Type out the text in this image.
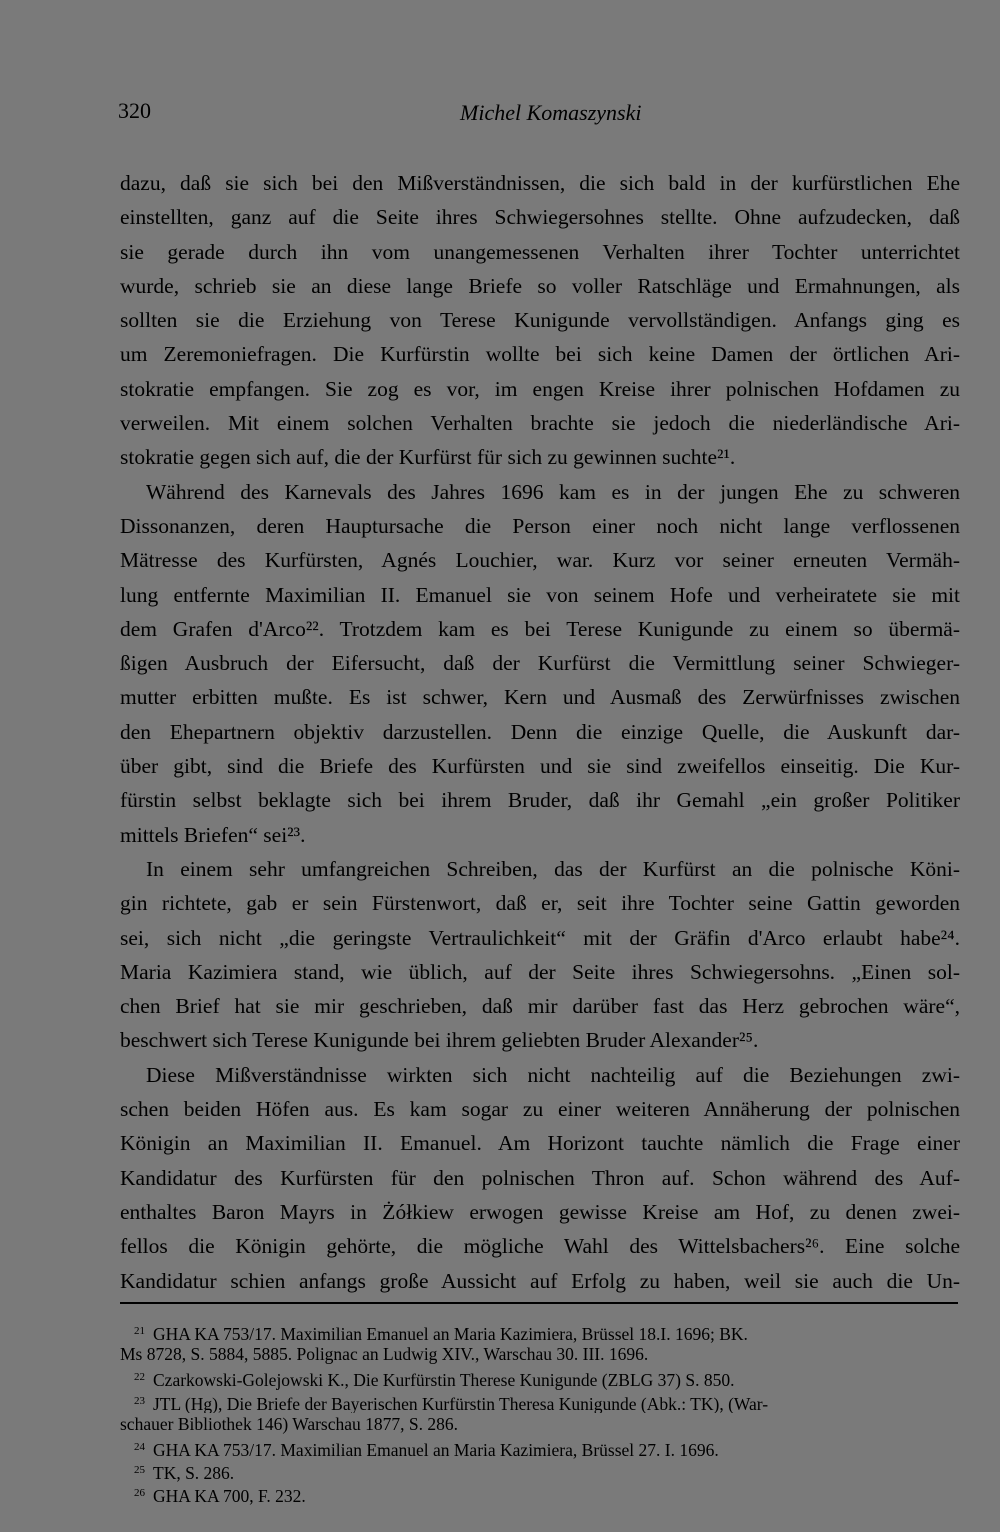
320	Michel Komaszynski
dazu, daß sie sich bei den Mißverständnissen, die sich bald in der kurfürstlichen Ehe
einstellten, ganz auf die Seite ihres Schwiegersohnes stellte. Ohne aufzudecken, daß
sie gerade durch ihn vom unangemessenen Verhalten ihrer Tochter unterrichtet
wurde, schrieb sie an diese lange Briefe so voller Ratschläge und Ermahnungen, als
sollten sie die Erziehung von Terese Kunigunde vervollständigen. Anfangs ging es
um Zeremoniefragen. Die Kurfürstin wollte bei sich keine Damen der örtlichen Ari-
stokratie empfangen. Sie zog es vor, im engen Kreise ihrer polnischen Hofdamen zu
verweilen. Mit einem solchen Verhalten brachte sie jedoch die niederländische Ari-
stokratie gegen sich auf, die der Kurfürst für sich zu gewinnen suchte²¹.
Während des Karnevals des Jahres 1696 kam es in der jungen Ehe zu schweren
Dissonanzen, deren Hauptursache die Person einer noch nicht lange verflossenen
Mätresse des Kurfürsten, Agnés Louchier, war. Kurz vor seiner erneuten Vermäh-
lung entfernte Maximilian II. Emanuel sie von seinem Hofe und verheiratete sie mit
dem Grafen d'Arco²². Trotzdem kam es bei Terese Kunigunde zu einem so übermä-
ßigen Ausbruch der Eifersucht, daß der Kurfürst die Vermittlung seiner Schwieger-
mutter erbitten mußte. Es ist schwer, Kern und Ausmaß des Zerwürfnisses zwischen
den Ehepartnern objektiv darzustellen. Denn die einzige Quelle, die Auskunft dar-
über gibt, sind die Briefe des Kurfürsten und sie sind zweifellos einseitig. Die Kur-
fürstin selbst beklagte sich bei ihrem Bruder, daß ihr Gemahl „ein großer Politiker
mittels Briefen“ sei²³.
In einem sehr umfangreichen Schreiben, das der Kurfürst an die polnische Köni-
gin richtete, gab er sein Fürstenwort, daß er, seit ihre Tochter seine Gattin geworden
sei, sich nicht „die geringste Vertraulichkeit“ mit der Gräfin d'Arco erlaubt habe²⁴.
Maria Kazimiera stand, wie üblich, auf der Seite ihres Schwiegersohns. „Einen sol-
chen Brief hat sie mir geschrieben, daß mir darüber fast das Herz gebrochen wäre“,
beschwert sich Terese Kunigunde bei ihrem geliebten Bruder Alexander²⁵.
Diese Mißverständnisse wirkten sich nicht nachteilig auf die Beziehungen zwi-
schen beiden Höfen aus. Es kam sogar zu einer weiteren Annäherung der polnischen
Königin an Maximilian II. Emanuel. Am Horizont tauchte nämlich die Frage einer
Kandidatur des Kurfürsten für den polnischen Thron auf. Schon während des Auf-
enthaltes Baron Mayrs in Żółkiew erwogen gewisse Kreise am Hof, zu denen zwei-
fellos die Königin gehörte, die mögliche Wahl des Wittelsbachers²⁶. Eine solche
Kandidatur schien anfangs große Aussicht auf Erfolg zu haben, weil sie auch die Un-
$^{21}$ GHA KA 753/17. Maximilian Emanuel an Maria Kazimiera, Brüssel 18.I. 1696; BK.
Ms 8728, S. 5884, 5885. Polignac an Ludwig XIV., Warschau 30. III. 1696.
$^{22}$ Czarkowski-Golejowski K., Die Kurfürstin Therese Kunigunde (ZBLG 37) S. 850.
$^{23}$ JTL (Hg), Die Briefe der Bayerischen Kurfürstin Theresa Kunigunde (Abk.: TK), (War-
schauer Bibliothek 146) Warschau 1877, S. 286.
$^{24}$ GHA KA 753/17. Maximilian Emanuel an Maria Kazimiera, Brüssel 27. I. 1696.
$^{25}$ TK, S. 286.
$^{26}$ GHA KA 700, F. 232.
